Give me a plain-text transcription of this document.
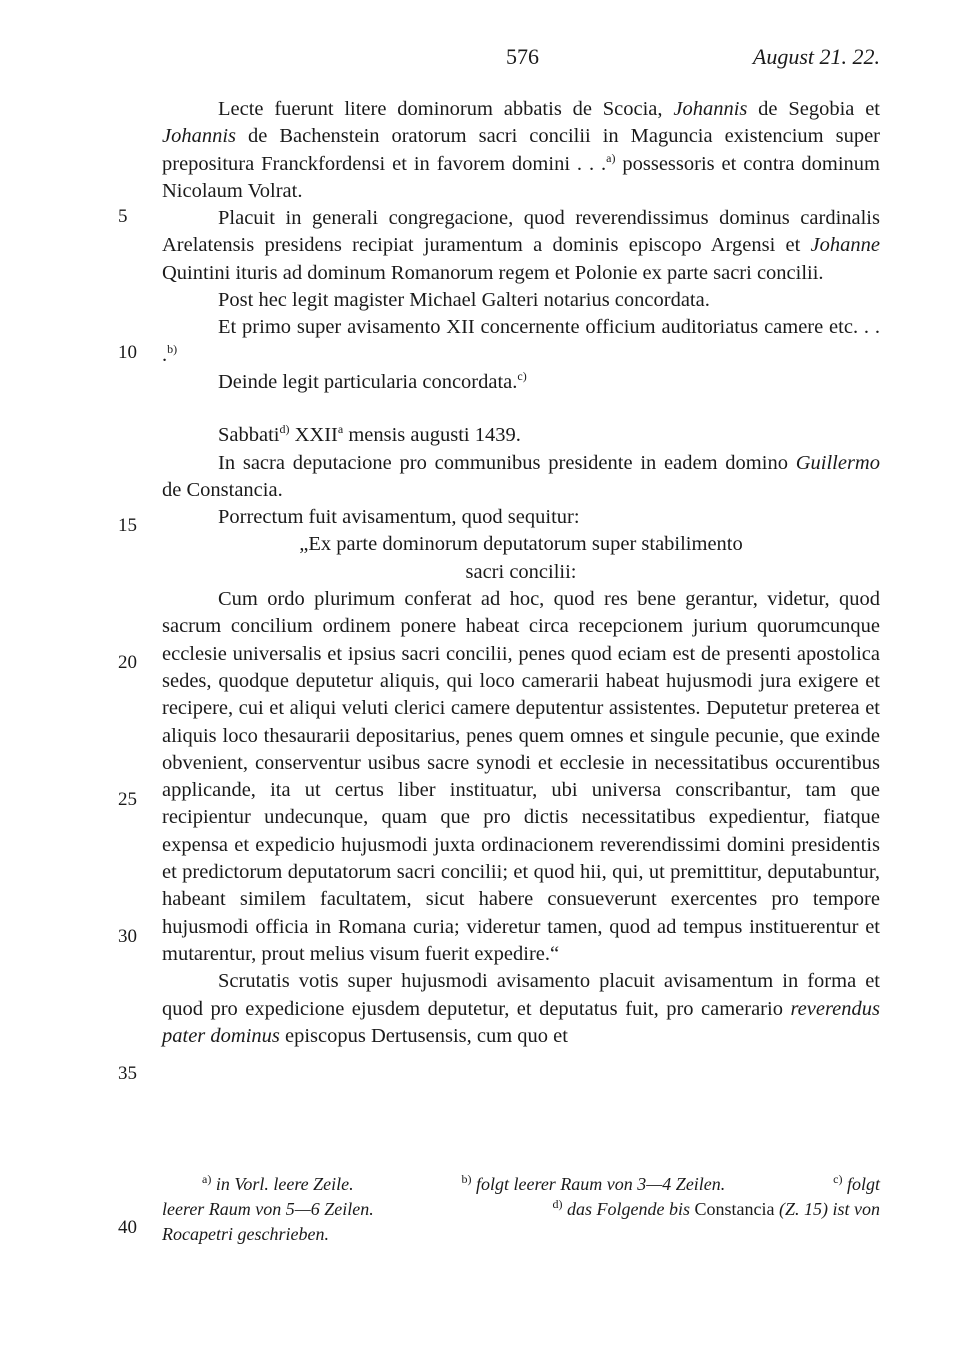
576	August 21. 22.
5
10
15
20
25
30
35
40

Lecte fuerunt litere dominorum abbatis de Scocia, Johannis de Segobia et Johannis de Bachenstein oratorum sacri concilii in Maguncia existencium super prepositura Franckfordensi et in favorem domini . . .$^{a)}$ possessoris et contra dominum Nicolaum Volrat.

Placuit in generali congregacione, quod reverendissimus dominus cardinalis Arelatensis presidens recipiat juramentum a dominis episcopo Argensi et Johanne Quintini ituris ad dominum Romanorum regem et Polonie ex parte sacri concilii.

Post hec legit magister Michael Galteri notarius concordata.

Et primo super avisamento XII concernente officium auditoriatus camere etc. . . .$^{b)}$

Deinde legit particularia concordata.$^{c)}$

Sabbati$^{d)}$ XXII$^a$ mensis augusti 1439.

In sacra deputacione pro communibus presidente in eadem domino Guillermo de Constancia.

Porrectum fuit avisamentum, quod sequitur:

„Ex parte dominorum deputatorum super stabilimento

sacri concilii:

Cum ordo plurimum conferat ad hoc, quod res bene gerantur, videtur, quod sacrum concilium ordinem ponere habeat circa recepcionem jurium quorumcunque ecclesie universalis et ipsius sacri concilii, penes quod eciam est de presenti apostolica sedes, quodque deputetur aliquis, qui loco camerarii habeat hujusmodi jura exigere et recipere, cui et aliqui veluti clerici camere deputentur assistentes. Deputetur preterea et aliquis loco thesaurarii depositarius, penes quem omnes et singule pecunie, que exinde obvenient, conserventur usibus sacre synodi et ecclesie in necessitatibus occurentibus applicande, ita ut certus liber instituatur, ubi universa conscribantur, tam que recipientur undecunque, quam que pro dictis necessitatibus expedientur, fiatque expensa et expedicio hujusmodi juxta ordinacionem reverendissimi domini presidentis et predictorum deputatorum sacri concilii; et quod hii, qui, ut premittitur, deputabuntur, habeant similem facultatem, sicut habere consueverunt exercentes pro tempore hujusmodi officia in Romana curia; videretur tamen, quod ad tempus instituerentur et mutarentur, prout melius visum fuerit expedire.“

Scrutatis votis super hujusmodi avisamento placuit avisamentum in forma et quod pro expedicione ejusdem deputetur, et deputatus fuit, pro camerario reverendus pater dominus episcopus Dertusensis, cum quo et

$^{a)}$ in Vorl. leere Zeile.	$^{b)}$ folgt leerer Raum von 3—4 Zeilen.	$^{c)}$ folgt
leerer Raum von 5—6 Zeilen.	$^{d)}$ das Folgende bis Constancia (Z. 15) ist von
Rocapetri geschrieben.
